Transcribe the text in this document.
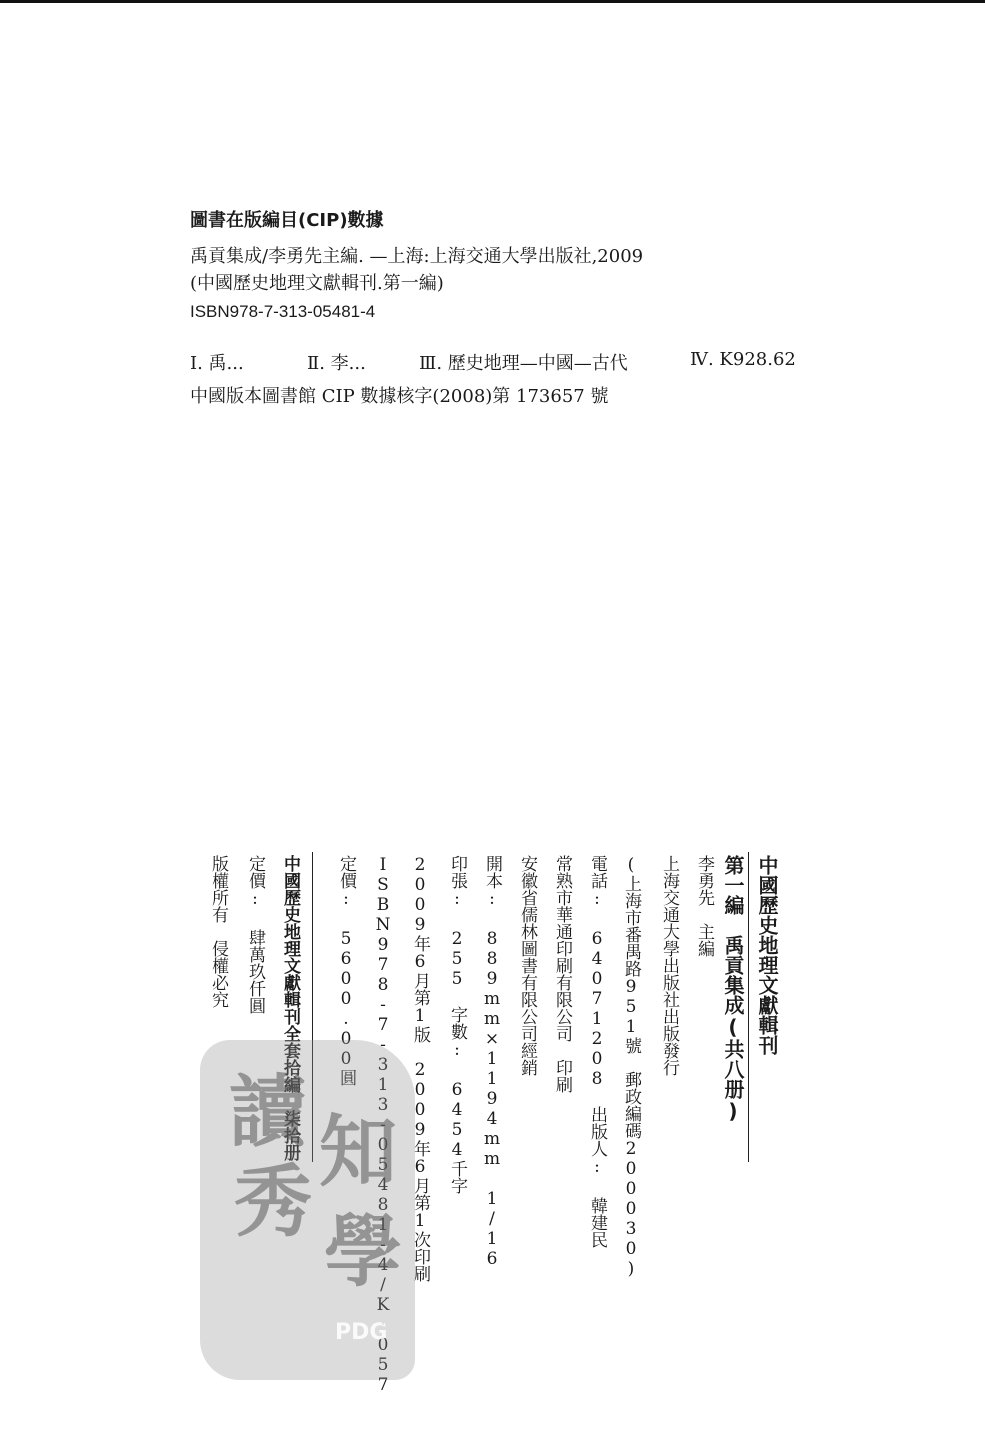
圖書在版編目(CIP)數據
禹貢集成/李勇先主編. —上海:上海交通大學出版社,2009
(中國歷史地理文獻輯刊.第一編)
ISBN978-7-313-05481-4
Ⅰ. 禹...	Ⅱ. 李...	Ⅲ. 歷史地理—中國—古代	Ⅳ. K928.62
中國版本圖書館 CIP 數據核字(2008)第 173657 號
中國歷史地理文獻輯刊
第一編　禹貢集成(共八册)
李勇先　主編
上海交通大學出版社出版發行
(上海市番禺路951號　郵政編碼200030)
電話: 64071208　出版人: 韓建民
常熟市華通印刷有限公司　印刷
安徽省儒林圖書有限公司經銷
開本: 889mm×1194mm 1/16
印張: 255　字數: 6454千字
2009年6月第1版　2009年6月第1次印刷
ISBN978-7-313-05481-4/K·057
定價: 5600.00圓
中國歷史地理文獻輯刊全套拾編　柒拾册
定價: 肆萬玖仟圓
版權所有　侵權必究
讀
秀
知
學
PDG
